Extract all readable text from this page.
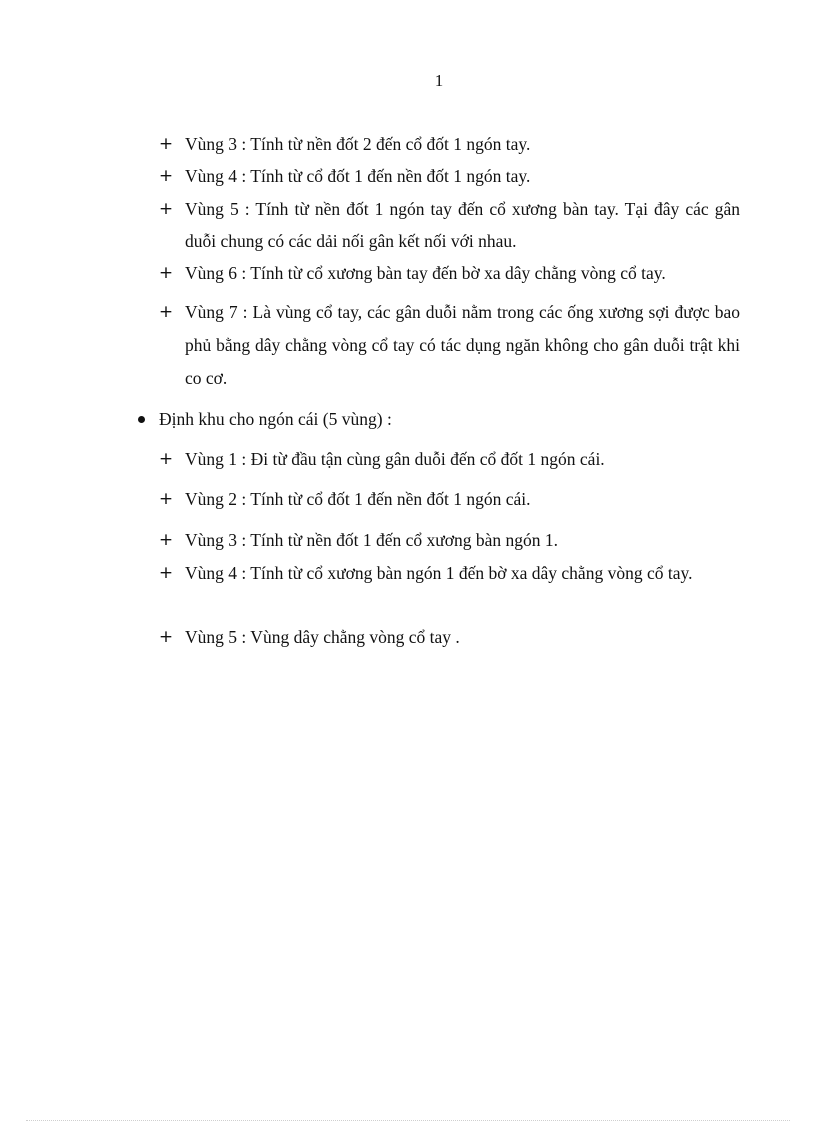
1
+ Vùng 3 : Tính từ nền đốt 2 đến cổ đốt 1 ngón tay.
+ Vùng 4 : Tính từ cổ đốt 1 đến nền đốt 1 ngón tay.
+ Vùng 5 : Tính từ nền đốt 1 ngón tay đến cổ xương bàn tay. Tại đây các gân duỗi chung có các dải nối gân kết nối với nhau.
+ Vùng 6 : Tính từ cổ xương bàn tay đến bờ xa dây chằng vòng cổ tay.
+ Vùng 7 : Là vùng cổ tay, các gân duỗi nằm trong các ống xương sợi được bao phủ bằng dây chằng vòng cổ tay có tác dụng ngăn không cho gân duỗi trật khi co cơ.
Định khu cho ngón cái (5 vùng) :
+ Vùng 1 : Đi từ đầu tận cùng gân duỗi đến cổ đốt 1 ngón cái.
+ Vùng 2 : Tính từ cổ đốt 1 đến nền đốt 1 ngón cái.
+ Vùng 3 : Tính từ nền đốt 1 đến cổ xương bàn ngón 1.
+ Vùng 4 : Tính từ cổ xương bàn ngón 1 đến bờ xa dây chằng vòng cổ tay.
+ Vùng 5 : Vùng dây chằng vòng cổ tay .
